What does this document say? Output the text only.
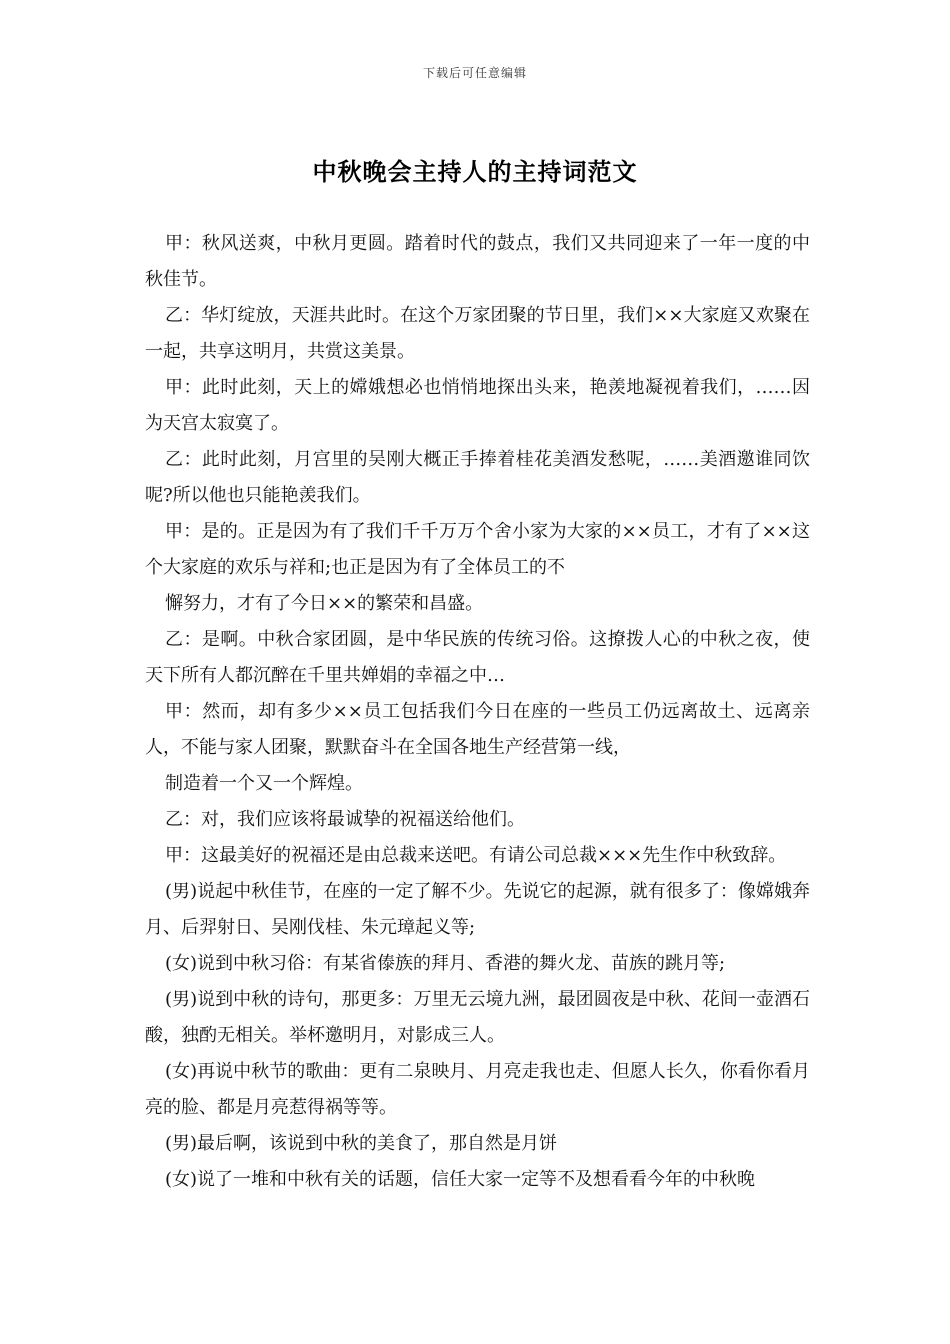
下载后可任意编辑
中秋晚会主持人的主持词范文

甲：秋风送爽，中秋月更圆。踏着时代的鼓点，我们又共同迎来了一年一度的中秋佳节。

乙：华灯绽放，天涯共此时。在这个万家团聚的节日里，我们××大家庭又欢聚在一起，共享这明月，共赏这美景。

甲：此时此刻，天上的嫦娥想必也悄悄地探出头来，艳羡地凝视着我们，……因为天宫太寂寞了。

乙：此时此刻，月宫里的吴刚大概正手捧着桂花美酒发愁呢，……美酒邀谁同饮呢?所以他也只能艳羡我们。

甲：是的。正是因为有了我们千千万万个舍小家为大家的××员工，才有了××这个大家庭的欢乐与祥和;也正是因为有了全体员工的不

懈努力，才有了今日××的繁荣和昌盛。

乙：是啊。中秋合家团圆，是中华民族的传统习俗。这撩拨人心的中秋之夜，使天下所有人都沉醉在千里共婵娟的幸福之中…

甲：然而，却有多少××员工包括我们今日在座的一些员工仍远离故土、远离亲人，不能与家人团聚，默默奋斗在全国各地生产经营第一线，

制造着一个又一个辉煌。

乙：对，我们应该将最诚挚的祝福送给他们。

甲：这最美好的祝福还是由总裁来送吧。有请公司总裁×××先生作中秋致辞。

(男)说起中秋佳节，在座的一定了解不少。先说它的起源，就有很多了：像嫦娥奔月、后羿射日、吴刚伐桂、朱元璋起义等;

(女)说到中秋习俗：有某省傣族的拜月、香港的舞火龙、苗族的跳月等;

(男)说到中秋的诗句，那更多：万里无云境九洲，最团圆夜是中秋、花间一壶酒石酸，独酌无相关。举杯邀明月，对影成三人。

(女)再说中秋节的歌曲：更有二泉映月、月亮走我也走、但愿人长久，你看你看月亮的脸、都是月亮惹得祸等等。

(男)最后啊，该说到中秋的美食了，那自然是月饼

(女)说了一堆和中秋有关的话题，信任大家一定等不及想看看今年的中秋晚
